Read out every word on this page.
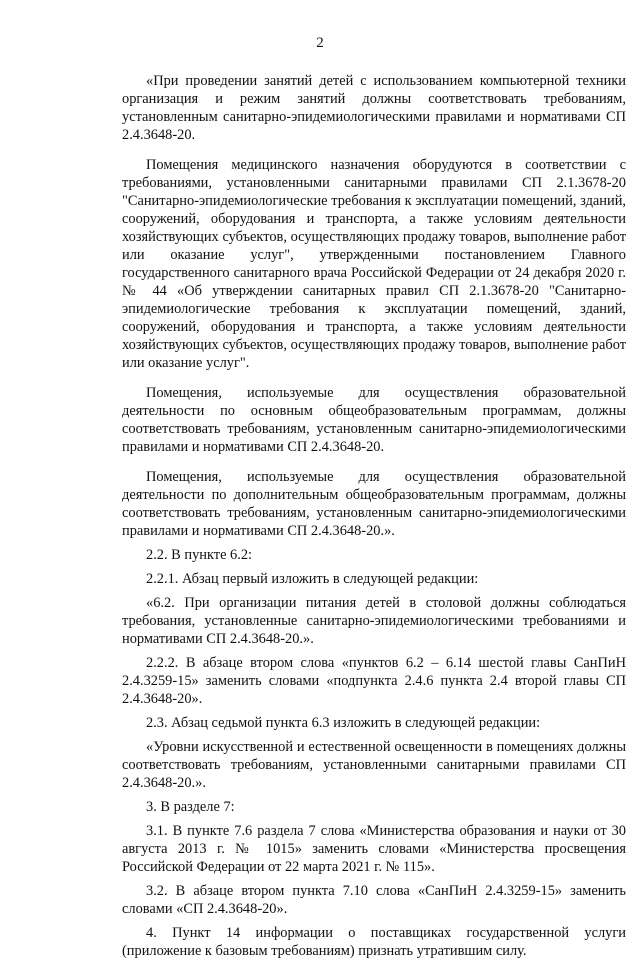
2

«При проведении занятий детей с использованием компьютерной техники организация и режим занятий должны соответствовать требованиям, установленным санитарно-эпидемиологическими правилами и нормативами СП 2.4.3648-20.

Помещения медицинского назначения оборудуются в соответствии с требованиями, установленными санитарными правилами СП 2.1.3678-20 "Санитарно-эпидемиологические требования к эксплуатации помещений, зданий, сооружений, оборудования и транспорта, а также условиям деятельности хозяйствующих субъектов, осуществляющих продажу товаров, выполнение работ или оказание услуг", утвержденными постановлением Главного государственного санитарного врача Российской Федерации от 24 декабря 2020 г. № 44 «Об утверждении санитарных правил СП 2.1.3678-20 "Санитарно-эпидемиологические требования к эксплуатации помещений, зданий, сооружений, оборудования и транспорта, а также условиям деятельности хозяйствующих субъектов, осуществляющих продажу товаров, выполнение работ или оказание услуг".

Помещения, используемые для осуществления образовательной деятельности по основным общеобразовательным программам, должны соответствовать требованиям, установленным санитарно-эпидемиологическими правилами и нормативами СП 2.4.3648-20.

Помещения, используемые для осуществления образовательной деятельности по дополнительным общеобразовательным программам, должны соответствовать требованиям, установленным санитарно-эпидемиологическими правилами и нормативами СП 2.4.3648-20.».

2.2. В пункте 6.2:

2.2.1. Абзац первый изложить в следующей редакции:

«6.2. При организации питания детей в столовой должны соблюдаться требования, установленные санитарно-эпидемиологическими требованиями и нормативами СП 2.4.3648-20.».

2.2.2. В абзаце втором слова «пунктов 6.2 – 6.14 шестой главы СанПиН 2.4.3259-15» заменить словами «подпункта 2.4.6 пункта 2.4 второй главы СП 2.4.3648-20».

2.3. Абзац седьмой пункта 6.3 изложить в следующей редакции:

«Уровни искусственной и естественной освещенности в помещениях должны соответствовать требованиям, установленными санитарными правилами СП 2.4.3648-20.».

3. В разделе 7:

3.1. В пункте 7.6 раздела 7 слова «Министерства образования и науки от 30 августа 2013 г. № 1015» заменить словами «Министерства просвещения Российской Федерации от 22 марта 2021 г. № 115».

3.2. В абзаце втором пункта 7.10 слова «СанПиН 2.4.3259-15» заменить словами «СП 2.4.3648-20».

4. Пункт 14 информации о поставщиках государственной услуги (приложение к базовым требованиям) признать утратившим силу.
